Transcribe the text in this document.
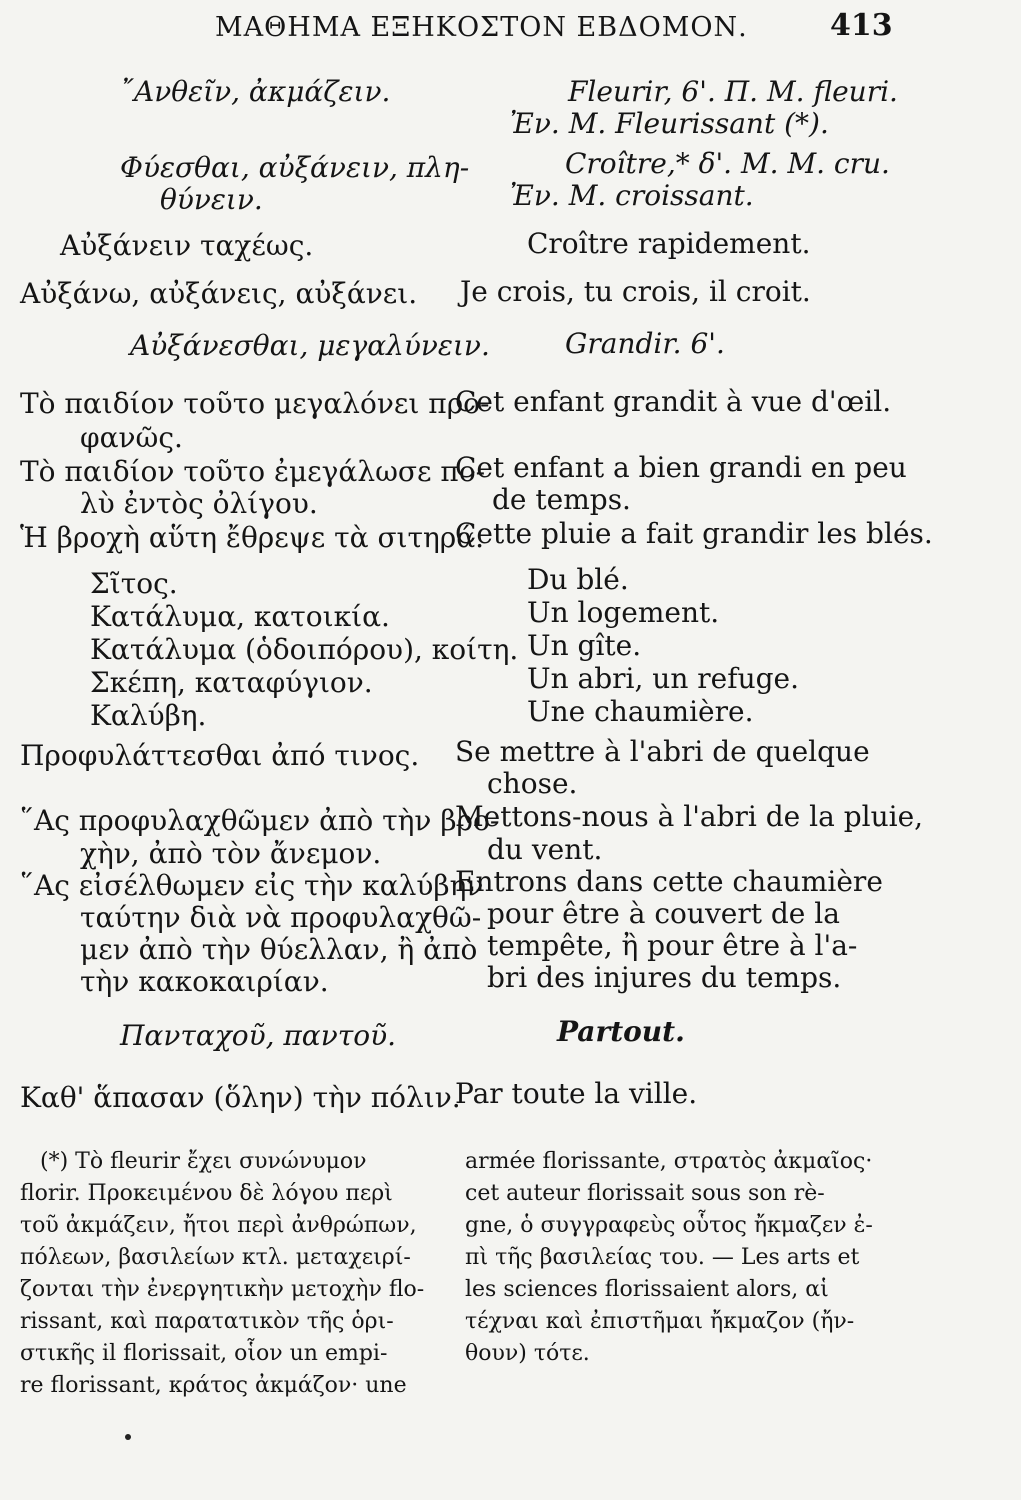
ΜΑΘΗΜΑ ΕΞΗΚΟΣΤΟΝ ΕΒΔΟΜΟΝ.	413
῎Ανθεῖν, ἀκμάζειν.	Fleurir, 6'. Π. Μ. fleuri.
Ἐν. Μ. Fleurissant (*).
Φύεσθαι, αὐξάνειν, πλη-
θύνειν.
Croître,* δ'. Μ. Μ. cru.
Ἐν. Μ. croissant.
Αὐξάνειν ταχέως.	Croître rapidement.
Αὐξάνω, αὐξάνεις, αὐξάνει. Je crois, tu crois, il croit.
Αὐξάνεσθαι, μεγαλύνειν.	Grandir. 6'.
Τὸ παιδίον τοῦτο μεγαλόνει προ-
φανῶς.
Cet enfant grandit à vue d'œil.
Τὸ παιδίον τοῦτο ἐμεγάλωσε πο-
λὺ ἐντὸς ὀλίγου.
Cet enfant a bien grandi en peu
de temps.
Ἡ βροχὴ αὕτη ἔθρεψε τὰ σιτηρά.
Cette pluie a fait grandir les blés.
Σῖτος.	Du blé.
Κατάλυμα, κατοικία.	Un logement.
Κατάλυμα (ὁδοιπόρου), κοίτη. Un gîte.
Σκέπη, καταφύγιον.	Un abri, un refuge.
Καλύβη.	Une chaumière.
Προφυλάττεσθαι ἀπό τινος. Se mettre à l'abri de quelque
chose.
῞Ας προφυλαχθῶμεν ἀπὸ τὴν βρο-
χὴν, ἀπὸ τὸν ἄνεμον.
Mettons-nous à l'abri de la pluie,
du vent.
῞Ας εἰσέλθωμεν εἰς τὴν καλύβην
ταύτην διὰ νὰ προφυλαχθῶ-
μεν ἀπὸ τὴν θύελλαν, ἢ ἀπὸ
τὴν κακοκαιρίαν.
Entrons dans cette chaumière
pour être à couvert de la
tempête, ἢ pour être à l'a-
bri des injures du temps.
Πανταχοῦ, παντοῦ.	Partout.
Καθ' ἅπασαν (ὅλην) τὴν πόλιν.
Par toute la ville.
(*) Τὸ fleurir ἔχει συνώνυμον
florir. Προκειμένου δὲ λόγου περὶ
τοῦ ἀκμάζειν, ἤτοι περὶ ἀνθρώπων,
πόλεων, βασιλείων κτλ. μεταχειρί-
ζονται τὴν ἐνεργητικὴν μετοχὴν flo-
rissant, καὶ παρατατικὸν τῆς ὁρι-
στικῆς il florissait, οἷον un empi-
re florissant, κράτος ἀκμάζον· une
armée florissante, στρατὸς ἀκμαῖος·
cet auteur florissait sous son rè-
gne, ὁ συγγραφεὺς οὗτος ἤκμαζεν ἐ-
πὶ τῆς βασιλείας του. — Les arts et
les sciences florissaient alors, αἱ
τέχναι καὶ ἐπιστῆμαι ἤκμαζον (ἤν-
θουν) τότε.
